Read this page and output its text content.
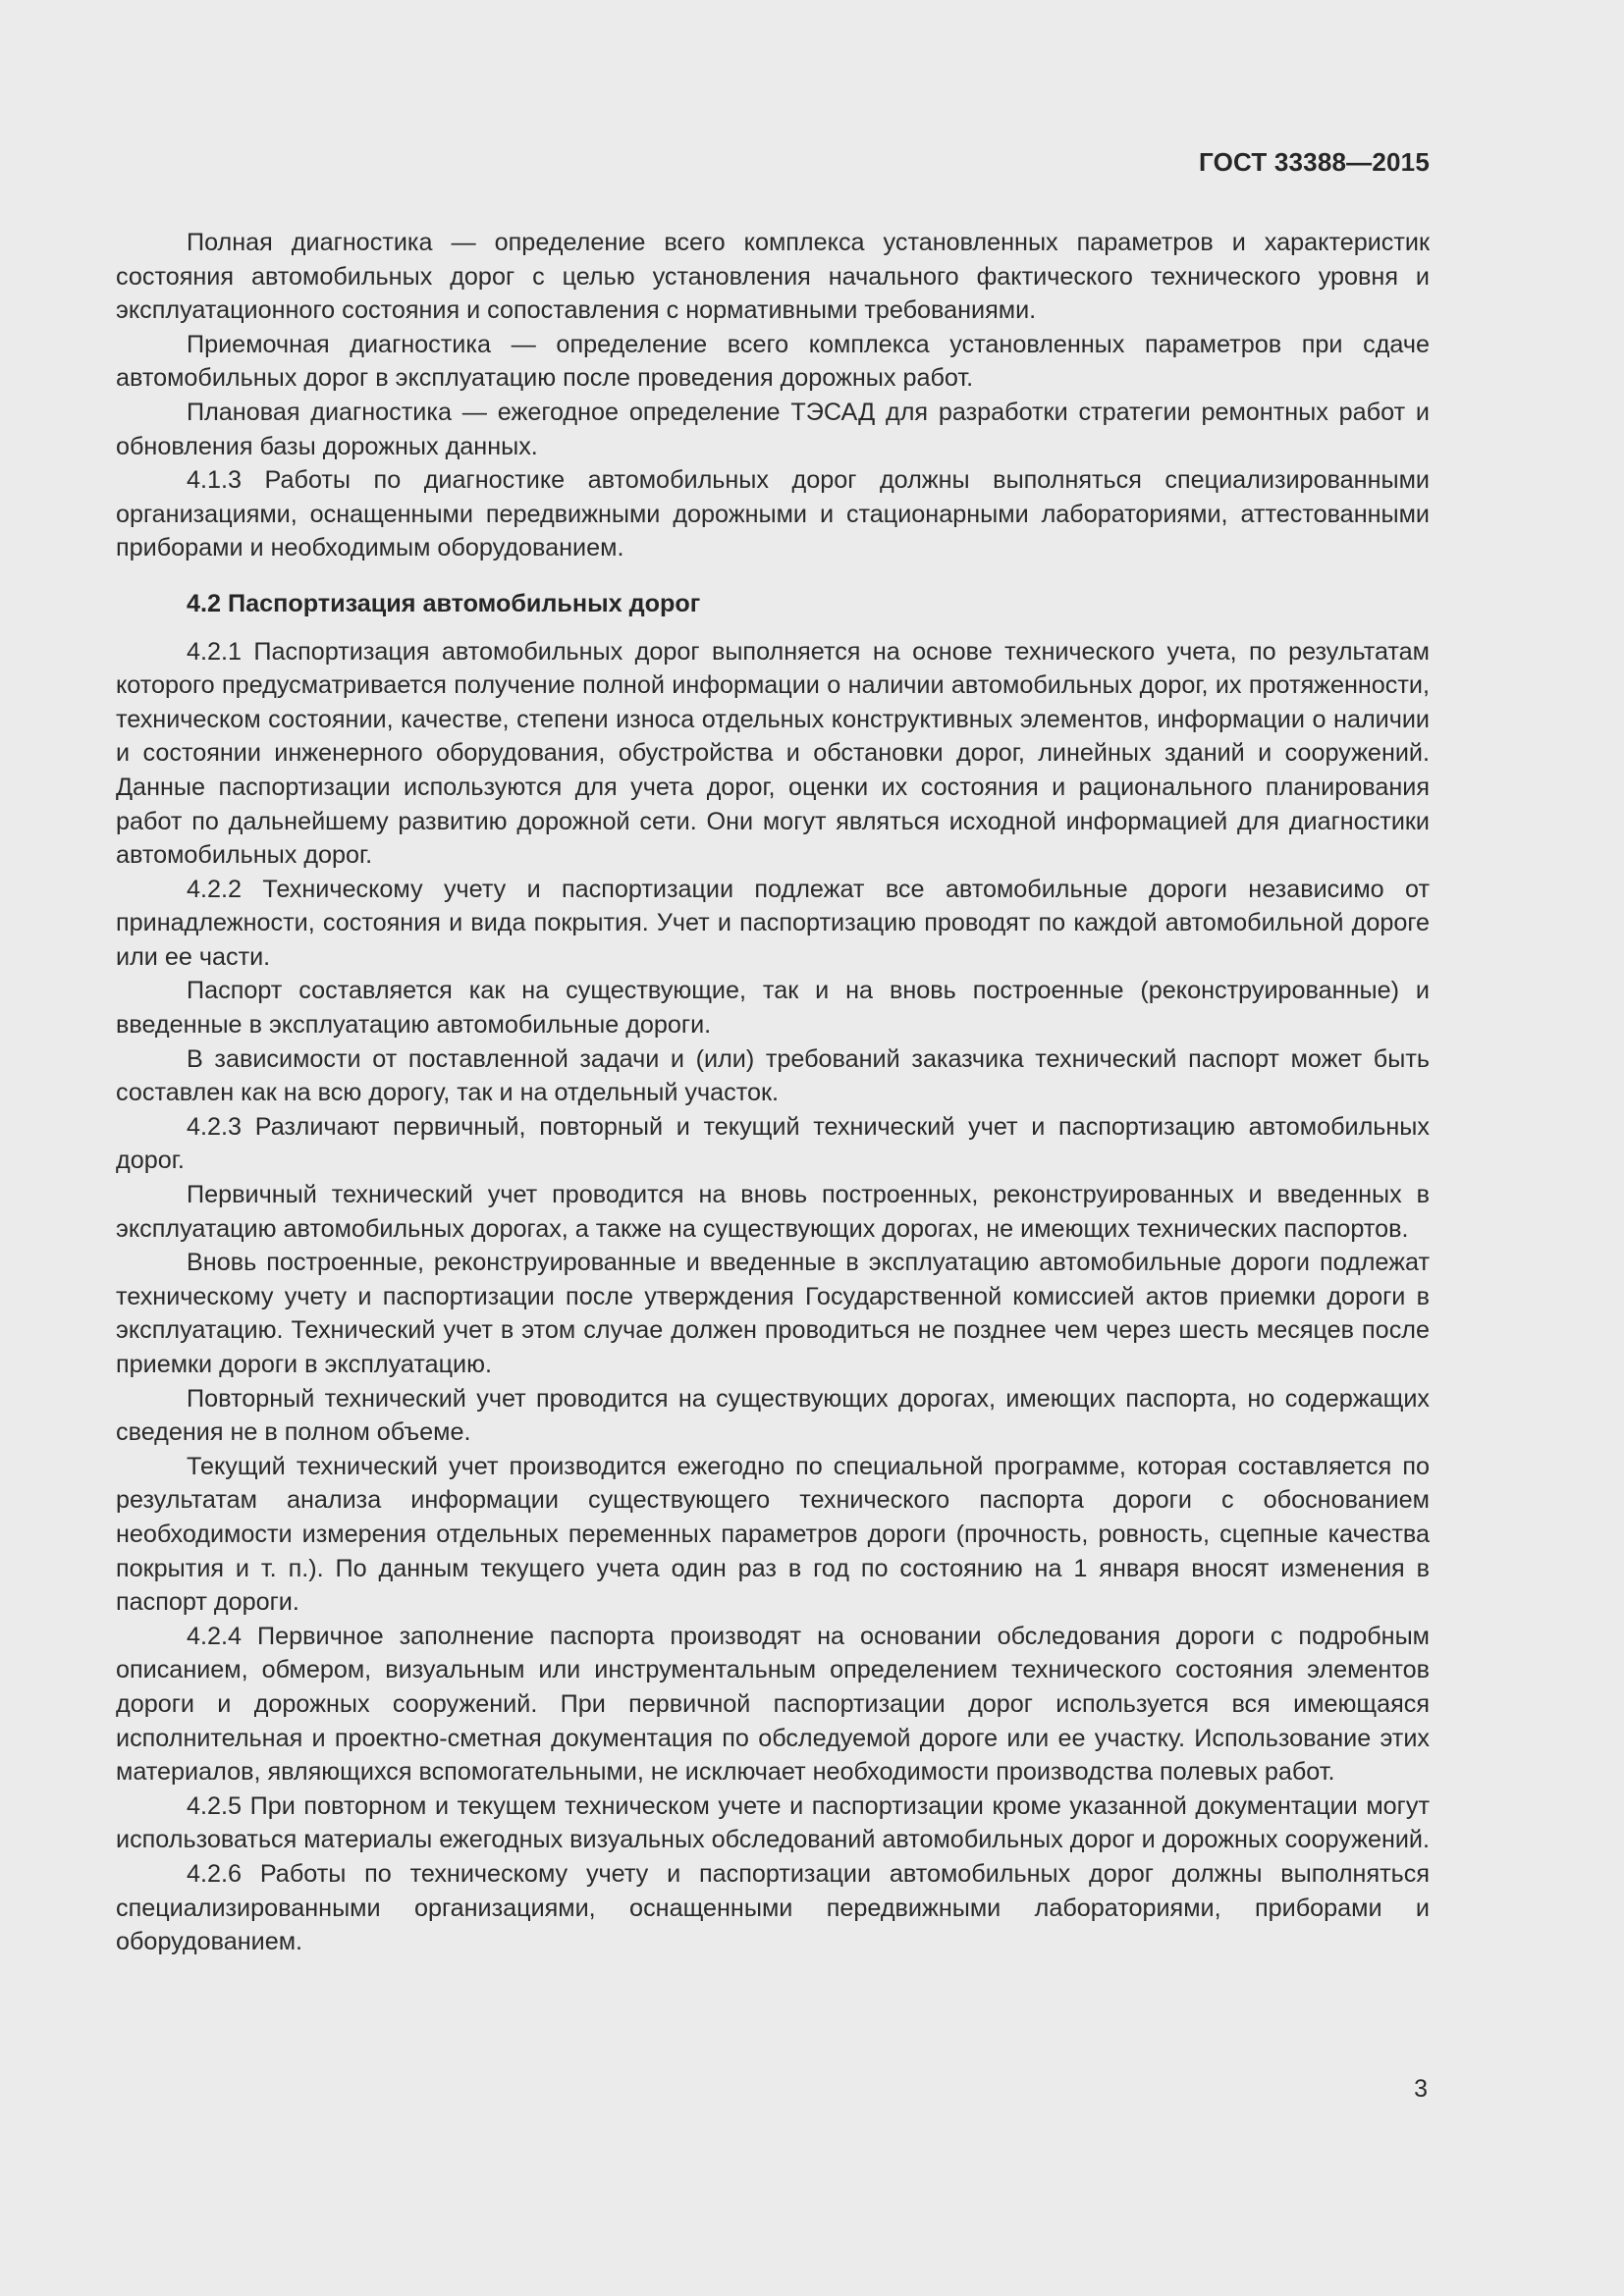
ГОСТ 33388—2015

Полная диагностика — определение всего комплекса установленных параметров и характеристик состояния автомобильных дорог с целью установления начального фактического технического уровня и эксплуатационного состояния и сопоставления с нормативными требованиями.

Приемочная диагностика — определение всего комплекса установленных параметров при сдаче автомобильных дорог в эксплуатацию после проведения дорожных работ.

Плановая диагностика — ежегодное определение ТЭСАД для разработки стратегии ремонтных работ и обновления базы дорожных данных.

4.1.3 Работы по диагностике автомобильных дорог должны выполняться специализированными организациями, оснащенными передвижными дорожными и стационарными лабораториями, аттестованными приборами и необходимым оборудованием.

4.2 Паспортизация автомобильных дорог

4.2.1 Паспортизация автомобильных дорог выполняется на основе технического учета, по результатам которого предусматривается получение полной информации о наличии автомобильных дорог, их протяженности, техническом состоянии, качестве, степени износа отдельных конструктивных элементов, информации о наличии и состоянии инженерного оборудования, обустройства и обстановки дорог, линейных зданий и сооружений. Данные паспортизации используются для учета дорог, оценки их состояния и рационального планирования работ по дальнейшему развитию дорожной сети. Они могут являться исходной информацией для диагностики автомобильных дорог.

4.2.2 Техническому учету и паспортизации подлежат все автомобильные дороги независимо от принадлежности, состояния и вида покрытия. Учет и паспортизацию проводят по каждой автомобильной дороге или ее части.

Паспорт составляется как на существующие, так и на вновь построенные (реконструированные) и введенные в эксплуатацию автомобильные дороги.

В зависимости от поставленной задачи и (или) требований заказчика технический паспорт может быть составлен как на всю дорогу, так и на отдельный участок.

4.2.3 Различают первичный, повторный и текущий технический учет и паспортизацию автомобильных дорог.

Первичный технический учет проводится на вновь построенных, реконструированных и введенных в эксплуатацию автомобильных дорогах, а также на существующих дорогах, не имеющих технических паспортов.

Вновь построенные, реконструированные и введенные в эксплуатацию автомобильные дороги подлежат техническому учету и паспортизации после утверждения Государственной комиссией актов приемки дороги в эксплуатацию. Технический учет в этом случае должен проводиться не позднее чем через шесть месяцев после приемки дороги в эксплуатацию.

Повторный технический учет проводится на существующих дорогах, имеющих паспорта, но содержащих сведения не в полном объеме.

Текущий технический учет производится ежегодно по специальной программе, которая составляется по результатам анализа информации существующего технического паспорта дороги с обоснованием необходимости измерения отдельных переменных параметров дороги (прочность, ровность, сцепные качества покрытия и т. п.). По данным текущего учета один раз в год по состоянию на 1 января вносят изменения в паспорт дороги.

4.2.4 Первичное заполнение паспорта производят на основании обследования дороги с подробным описанием, обмером, визуальным или инструментальным определением технического состояния элементов дороги и дорожных сооружений. При первичной паспортизации дорог используется вся имеющаяся исполнительная и проектно-сметная документация по обследуемой дороге или ее участку. Использование этих материалов, являющихся вспомогательными, не исключает необходимости производства полевых работ.

4.2.5 При повторном и текущем техническом учете и паспортизации кроме указанной документации могут использоваться материалы ежегодных визуальных обследований автомобильных дорог и дорожных сооружений.

4.2.6 Работы по техническому учету и паспортизации автомобильных дорог должны выполняться специализированными организациями, оснащенными передвижными лабораториями, приборами и оборудованием.

3
